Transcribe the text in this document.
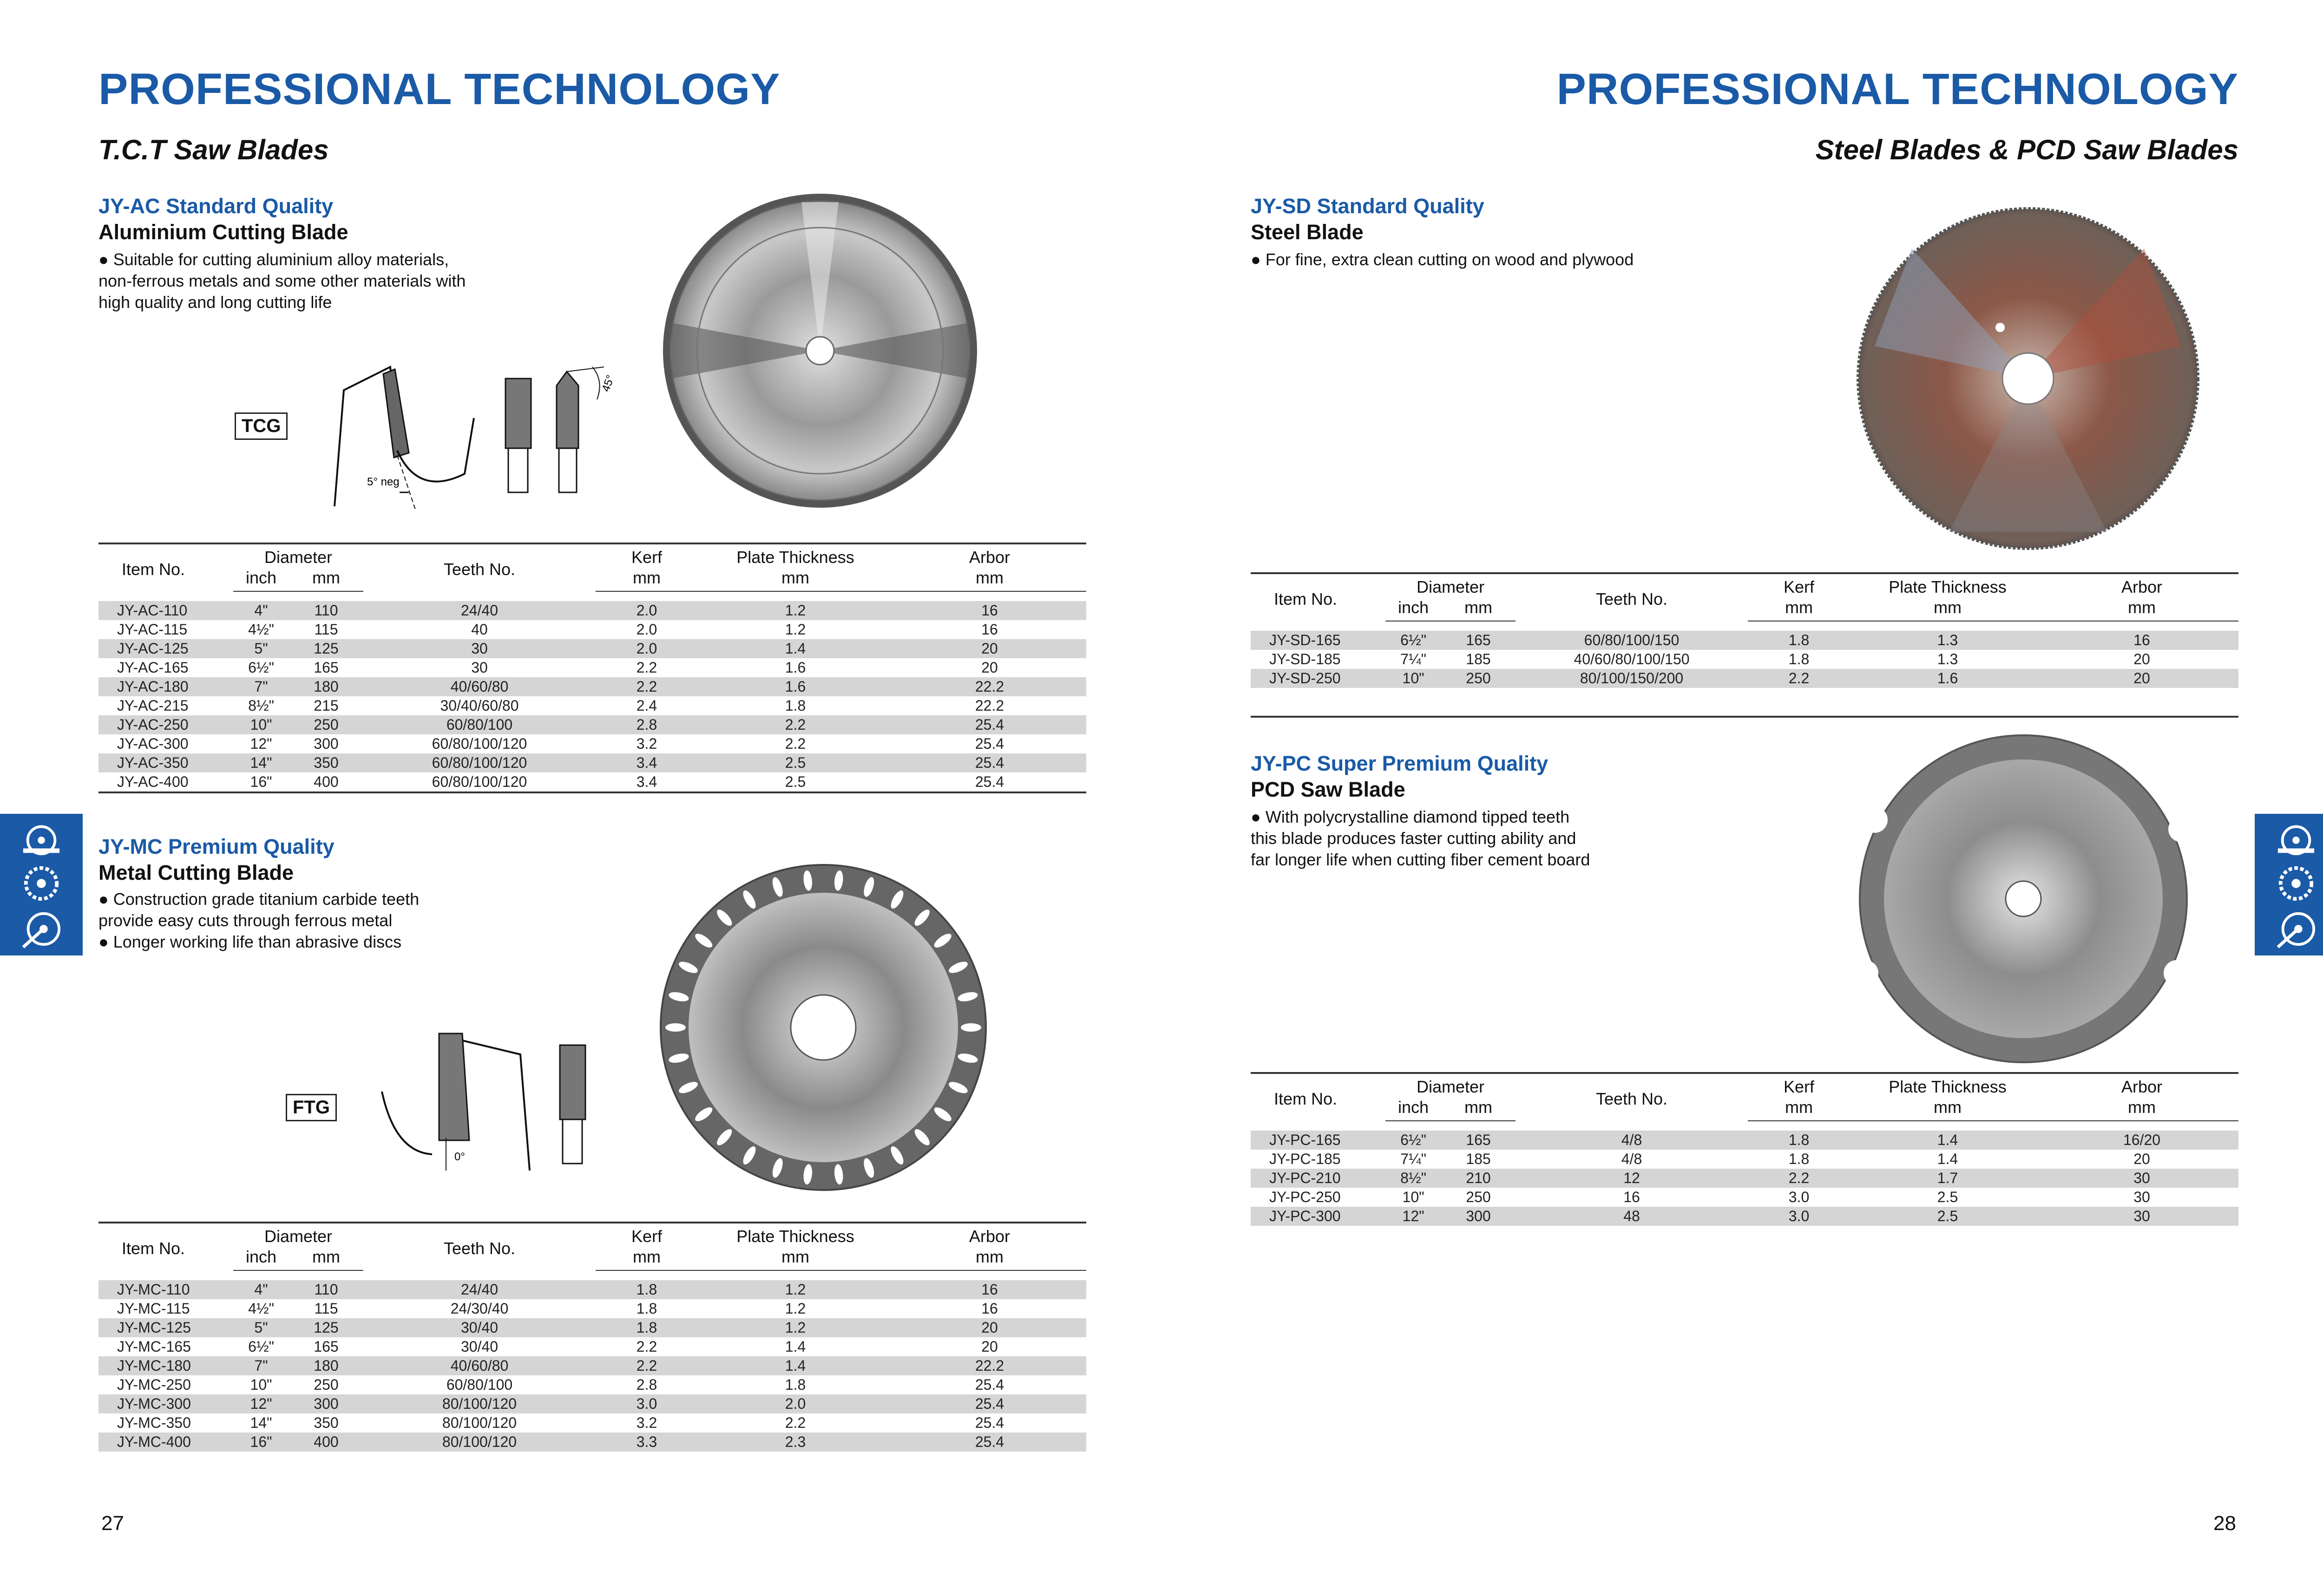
PROFESSIONAL TECHNOLOGY
T.C.T Saw Blades
JY-AC Standard Quality
Aluminium Cutting Blade
● Suitable for cutting aluminium alloy materials,
non-ferrous metals and some other materials with
high quality and long cutting life
TCG
5° neg
45°
Item No.	Diameter		Teeth No.	Kerf	Plate Thickness	Arbor
	inch	mm		mm	mm	mm

JY-AC-110	4"	110	24/40	2.0	1.2	16
JY-AC-115	4½"	115	40	2.0	1.2	16
JY-AC-125	5"	125	30	2.0	1.4	20
JY-AC-165	6½"	165	30	2.2	1.6	20
JY-AC-180	7"	180	40/60/80	2.2	1.6	22.2
JY-AC-215	8½"	215	30/40/60/80	2.4	1.8	22.2
JY-AC-250	10"	250	60/80/100	2.8	2.2	25.4
JY-AC-300	12"	300	60/80/100/120	3.2	2.2	25.4
JY-AC-350	14"	350	60/80/100/120	3.4	2.5	25.4
JY-AC-400	16"	400	60/80/100/120	3.4	2.5	25.4

JY-MC Premium Quality
Metal Cutting Blade
● Construction grade titanium carbide teeth
provide easy cuts through ferrous metal
● Longer working life than abrasive discs
FTG
0°
Item No.	Diameter		Teeth No.	Kerf	Plate Thickness	Arbor
	inch	mm		mm	mm	mm

JY-MC-110	4"	110	24/40	1.8	1.2	16
JY-MC-115	4½"	115	24/30/40	1.8	1.2	16
JY-MC-125	5"	125	30/40	1.8	1.2	20
JY-MC-165	6½"	165	30/40	2.2	1.4	20
JY-MC-180	7"	180	40/60/80	2.2	1.4	22.2
JY-MC-250	10"	250	60/80/100	2.8	1.8	25.4
JY-MC-300	12"	300	80/100/120	3.0	2.0	25.4
JY-MC-350	14"	350	80/100/120	3.2	2.2	25.4
JY-MC-400	16"	400	80/100/120	3.3	2.3	25.4
27
PROFESSIONAL TECHNOLOGY
Steel Blades & PCD Saw Blades
JY-SD Standard Quality
Steel Blade
● For fine, extra clean cutting on wood and plywood
Item No.	Diameter		Teeth No.	Kerf	Plate Thickness	Arbor
	inch	mm		mm	mm	mm

JY-SD-165	6½"	165	60/80/100/150	1.8	1.3	16
JY-SD-185	7¼"	185	40/60/80/100/150	1.8	1.3	20
JY-SD-250	10"	250	80/100/150/200	2.2	1.6	20

JY-PC Super Premium Quality
PCD Saw Blade
● With polycrystalline diamond tipped teeth
this blade produces faster cutting ability and
far longer life when cutting fiber cement board
Item No.	Diameter		Teeth No.	Kerf	Plate Thickness	Arbor
	inch	mm		mm	mm	mm

JY-PC-165	6½"	165	4/8	1.8	1.4	16/20
JY-PC-185	7¼"	185	4/8	1.8	1.4	20
JY-PC-210	8½"	210	12	2.2	1.7	30
JY-PC-250	10"	250	16	3.0	2.5	30
JY-PC-300	12"	300	48	3.0	2.5	30
28
